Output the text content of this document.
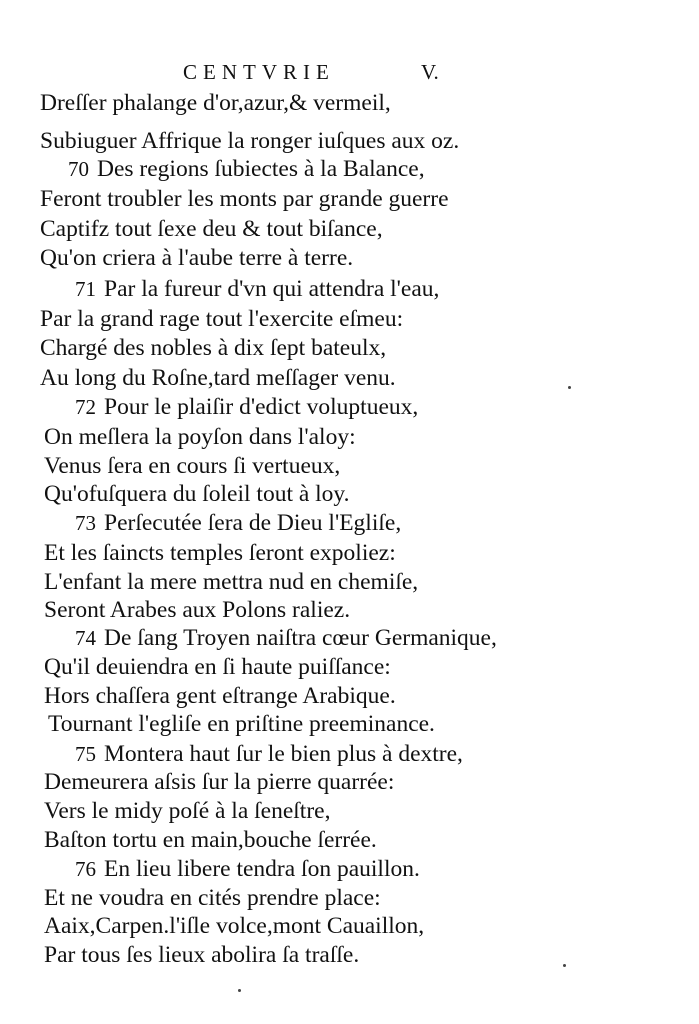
CENTVRIE	V.
Dreſſer phalange d'or,azur,& vermeil,
Subiuguer Affrique la ronger iuſques aux oz.
70 Des regions ſubiectes à la Balance,
Feront troubler les monts par grande guerre
Captifz tout ſexe deu & tout biſance,
Qu'on criera à l'aube terre à terre.
71 Par la fureur d'vn qui attendra l'eau,
Par la grand rage tout l'exercite eſmeu:
Chargé des nobles à dix ſept bateulx,
Au long du Roſne,tard meſſager venu.
72 Pour le plaiſir d'edict voluptueux,
On meſlera la poyſon dans l'aloy:
Venus ſera en cours ſi vertueux,
Qu'ofuſquera du ſoleil tout à loy.
73 Perſecutée ſera de Dieu l'Egliſe,
Et les ſaincts temples ſeront expoliez:
L'enfant la mere mettra nud en chemiſe,
Seront Arabes aux Polons raliez.
74 De ſang Troyen naiſtra cœur Germanique,
Qu'il deuiendra en ſi haute puiſſance:
Hors chaſſera gent eſtrange Arabique.
Tournant l'egliſe en priſtine preeminance.
75 Montera haut ſur le bien plus à dextre,
Demeurera aſsis ſur la pierre quarrée:
Vers le midy poſé à la ſeneſtre,
Baſton tortu en main,bouche ſerrée.
76 En lieu libere tendra ſon pauillon.
Et ne voudra en cités prendre place:
Aaix,Carpen.l'iſle volce,mont Cauaillon,
Par tous ſes lieux abolira ſa traſſe.
